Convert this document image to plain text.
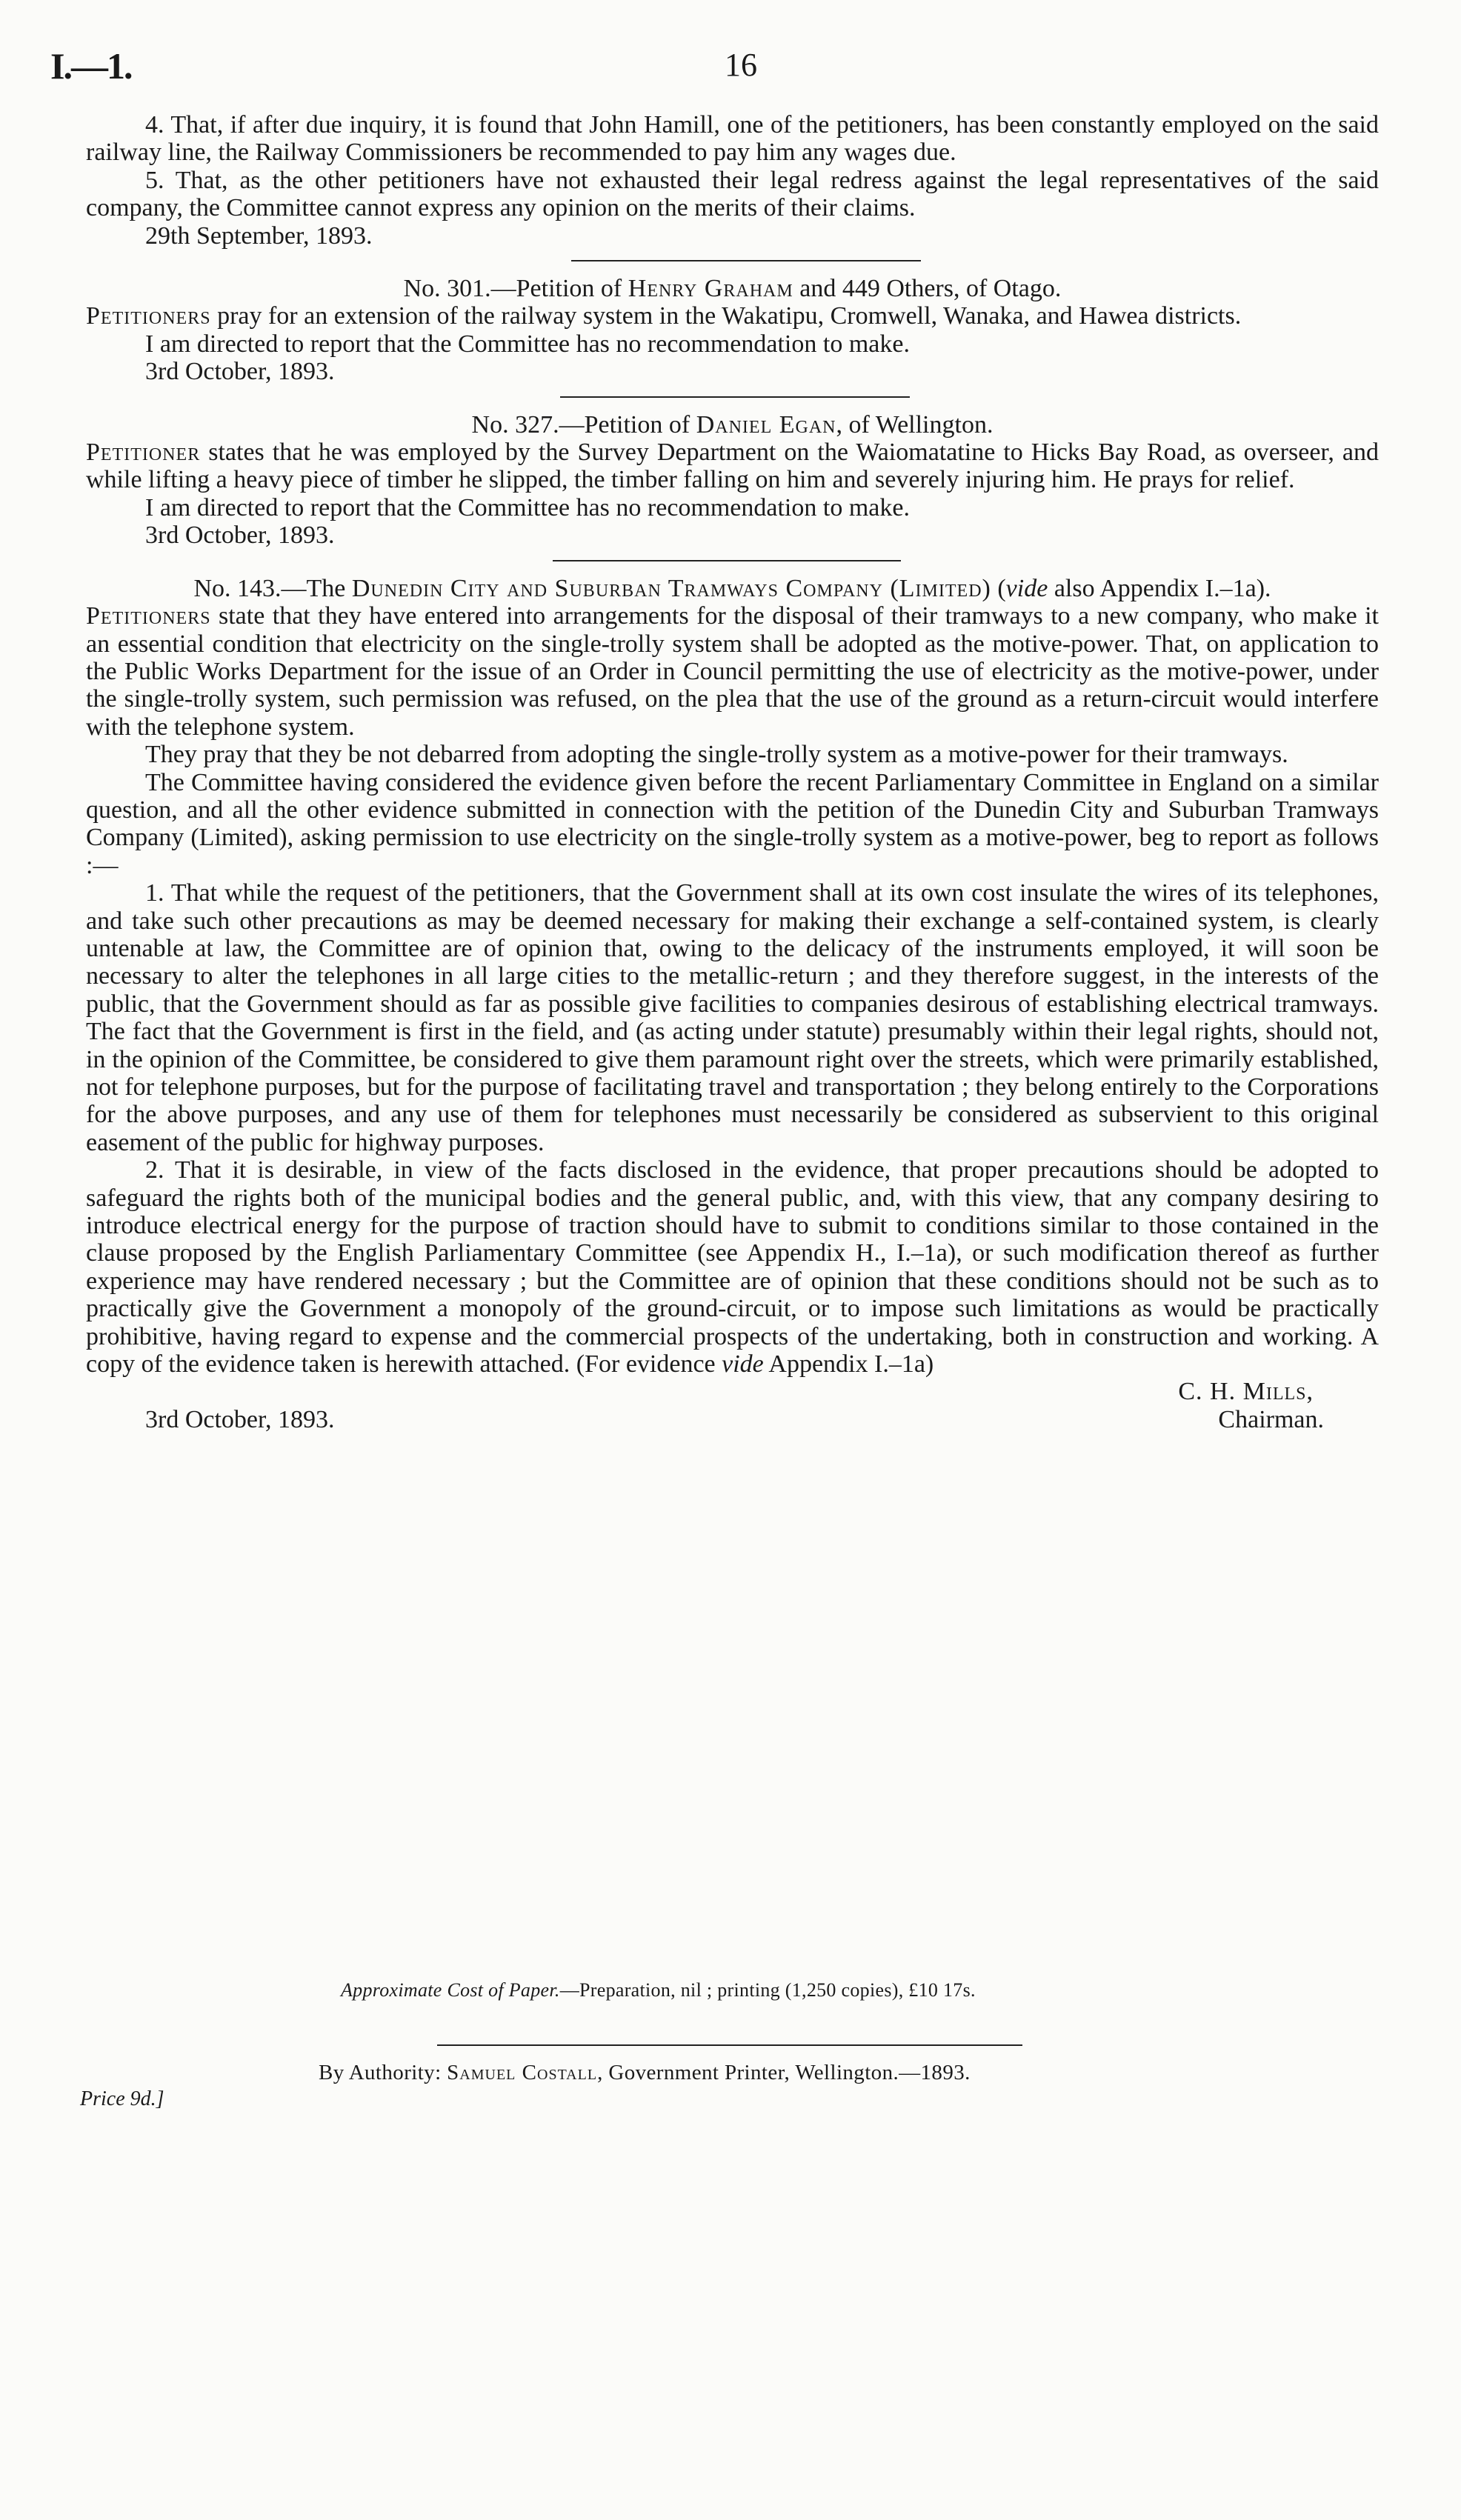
I.—1.	16

4. That, if after due inquiry, it is found that John Hamill, one of the petitioners, has been constantly employed on the said railway line, the Railway Commissioners be recommended to pay him any wages due.

5. That, as the other petitioners have not exhausted their legal redress against the legal representatives of the said company, the Committee cannot express any opinion on the merits of their claims.

29th September, 1893.

No. 301.—Petition of Henry Graham and 449 Others, of Otago.

Petitioners pray for an extension of the railway system in the Wakatipu, Cromwell, Wanaka, and Hawea districts.

I am directed to report that the Committee has no recommendation to make.

3rd October, 1893.

No. 327.—Petition of Daniel Egan, of Wellington.

Petitioner states that he was employed by the Survey Department on the Waiomatatine to Hicks Bay Road, as overseer, and while lifting a heavy piece of timber he slipped, the timber falling on him and severely injuring him. He prays for relief.

I am directed to report that the Committee has no recommendation to make.

3rd October, 1893.

No. 143.—The Dunedin City and Suburban Tramways Company (Limited) (vide also Appendix I.–1a).

Petitioners state that they have entered into arrangements for the disposal of their tramways to a new company, who make it an essential condition that electricity on the single-trolly system shall be adopted as the motive-power. That, on application to the Public Works Department for the issue of an Order in Council permitting the use of electricity as the motive-power, under the single-trolly system, such permission was refused, on the plea that the use of the ground as a return-circuit would interfere with the telephone system.

They pray that they be not debarred from adopting the single-trolly system as a motive-power for their tramways.

The Committee having considered the evidence given before the recent Parliamentary Committee in England on a similar question, and all the other evidence submitted in connection with the petition of the Dunedin City and Suburban Tramways Company (Limited), asking permission to use electricity on the single-trolly system as a motive-power, beg to report as follows :—

1. That while the request of the petitioners, that the Government shall at its own cost insulate the wires of its telephones, and take such other precautions as may be deemed necessary for making their exchange a self-contained system, is clearly untenable at law, the Committee are of opinion that, owing to the delicacy of the instruments employed, it will soon be necessary to alter the telephones in all large cities to the metallic-return ; and they therefore suggest, in the interests of the public, that the Government should as far as possible give facilities to companies desirous of establishing electrical tramways. The fact that the Government is first in the field, and (as acting under statute) presumably within their legal rights, should not, in the opinion of the Committee, be considered to give them paramount right over the streets, which were primarily established, not for telephone purposes, but for the purpose of facilitating travel and transportation ; they belong entirely to the Corporations for the above purposes, and any use of them for telephones must necessarily be considered as subservient to this original easement of the public for highway purposes.

2. That it is desirable, in view of the facts disclosed in the evidence, that proper precautions should be adopted to safeguard the rights both of the municipal bodies and the general public, and, with this view, that any company desiring to introduce electrical energy for the purpose of traction should have to submit to conditions similar to those contained in the clause proposed by the English Parliamentary Committee (see Appendix H., I.–1a), or such modification thereof as further experience may have rendered necessary ; but the Committee are of opinion that these conditions should not be such as to practically give the Government a monopoly of the ground-circuit, or to impose such limitations as would be practically prohibitive, having regard to expense and the commercial prospects of the undertaking, both in construction and working. A copy of the evidence taken is herewith attached. (For evidence vide Appendix I.–1a)

C. H. Mills,
3rd October, 1893.	Chairman.
Approximate Cost of Paper.—Preparation, nil ; printing (1,250 copies), £10 17s.
By Authority: Samuel Costall, Government Printer, Wellington.—1893.
Price 9d.]
